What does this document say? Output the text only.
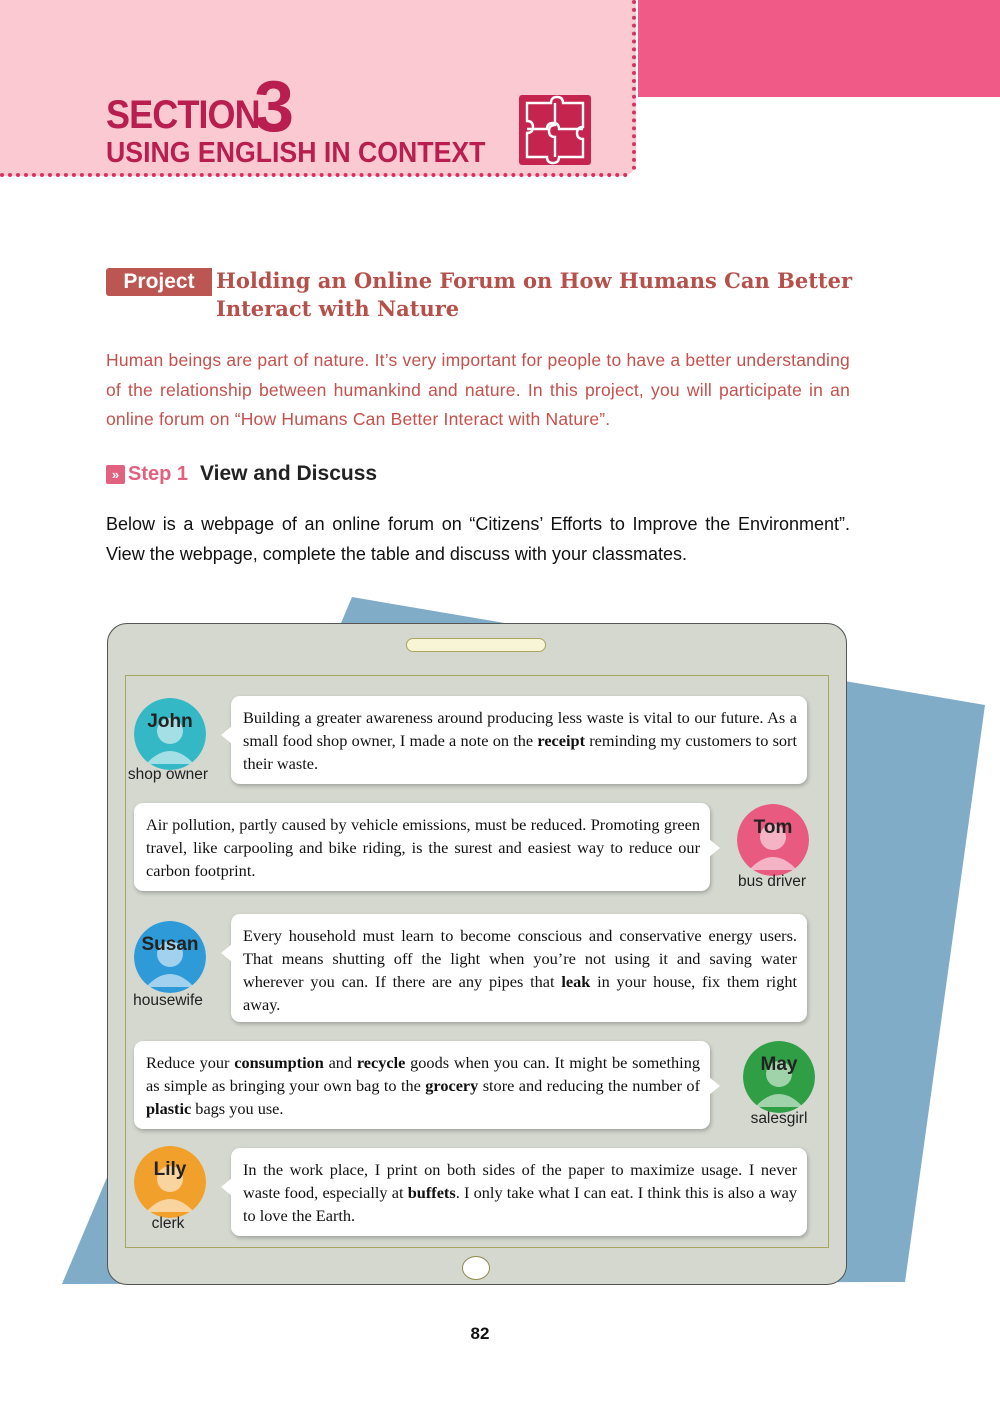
SECTION
3
USING ENGLISH IN CONTEXT
Project	Holding an Online Forum on How Humans Can Better Interact with Nature
Human beings are part of nature. It’s very important for people to have a better understanding of the relationship between humankind and nature. In this project, you will participate in an online forum on “How Humans Can Better Interact with Nature”.
» Step 1 View and Discuss
Below is a webpage of an online forum on “Citizens’ Efforts to Improve the Environment”. View the webpage, complete the table and discuss with your classmates.
John
shop owner
Building a greater awareness around producing less waste is vital to our future. As a small food shop owner, I made a note on the receipt reminding my customers to sort their waste.
Air pollution, partly caused by vehicle emissions, must be reduced. Promoting green travel, like carpooling and bike riding, is the surest and easiest way to reduce our carbon footprint.
Tom
bus driver
Susan
housewife
Every household must learn to become conscious and conservative energy users. That means shutting off the light when you’re not using it and saving water wherever you can. If there are any pipes that leak in your house, fix them right away.
Reduce your consumption and recycle goods when you can. It might be something as simple as bringing your own bag to the grocery store and reducing the number of plastic bags you use.
May
salesgirl
Lily
clerk
In the work place, I print on both sides of the paper to maximize usage. I never waste food, especially at buffets. I only take what I can eat. I think this is also a way to love the Earth.
82
